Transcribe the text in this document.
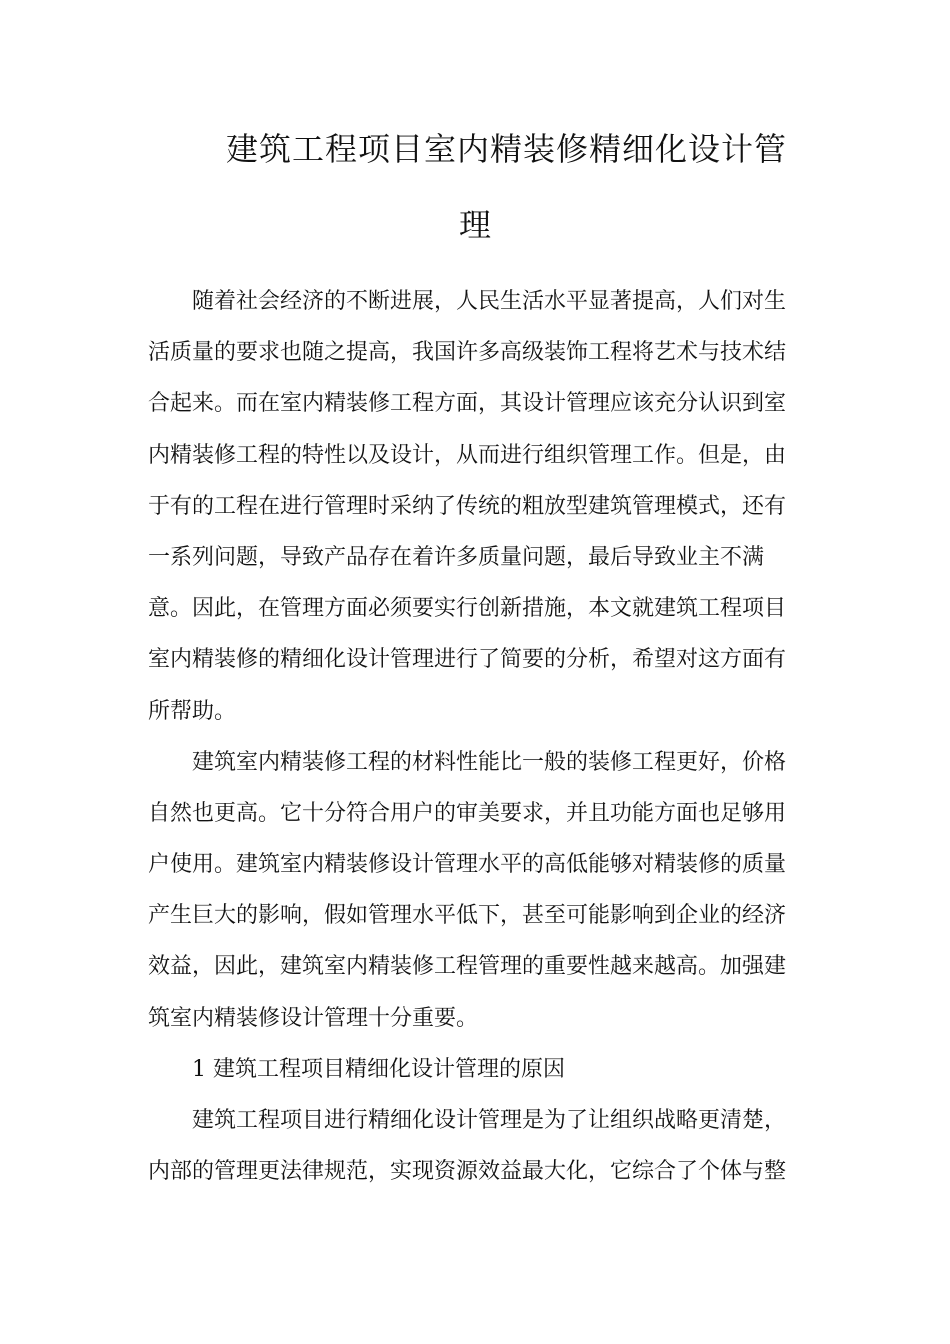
建筑工程项目室内精装修精细化设计管
理
随着社会经济的不断进展，人民生活水平显著提高，人们对生
活质量的要求也随之提高，我国许多高级装饰工程将艺术与技术结
合起来。而在室内精装修工程方面，其设计管理应该充分认识到室
内精装修工程的特性以及设计，从而进行组织管理工作。但是，由
于有的工程在进行管理时采纳了传统的粗放型建筑管理模式，还有
一系列问题，导致产品存在着许多质量问题，最后导致业主不满
意。因此，在管理方面必须要实行创新措施，本文就建筑工程项目
室内精装修的精细化设计管理进行了简要的分析，希望对这方面有
所帮助。
建筑室内精装修工程的材料性能比一般的装修工程更好，价格
自然也更高。它十分符合用户的审美要求，并且功能方面也足够用
户使用。建筑室内精装修设计管理水平的高低能够对精装修的质量
产生巨大的影响，假如管理水平低下，甚至可能影响到企业的经济
效益，因此，建筑室内精装修工程管理的重要性越来越高。加强建
筑室内精装修设计管理十分重要。
1 建筑工程项目精细化设计管理的原因
建筑工程项目进行精细化设计管理是为了让组织战略更清楚，
内部的管理更法律规范，实现资源效益最大化，它综合了个体与整
